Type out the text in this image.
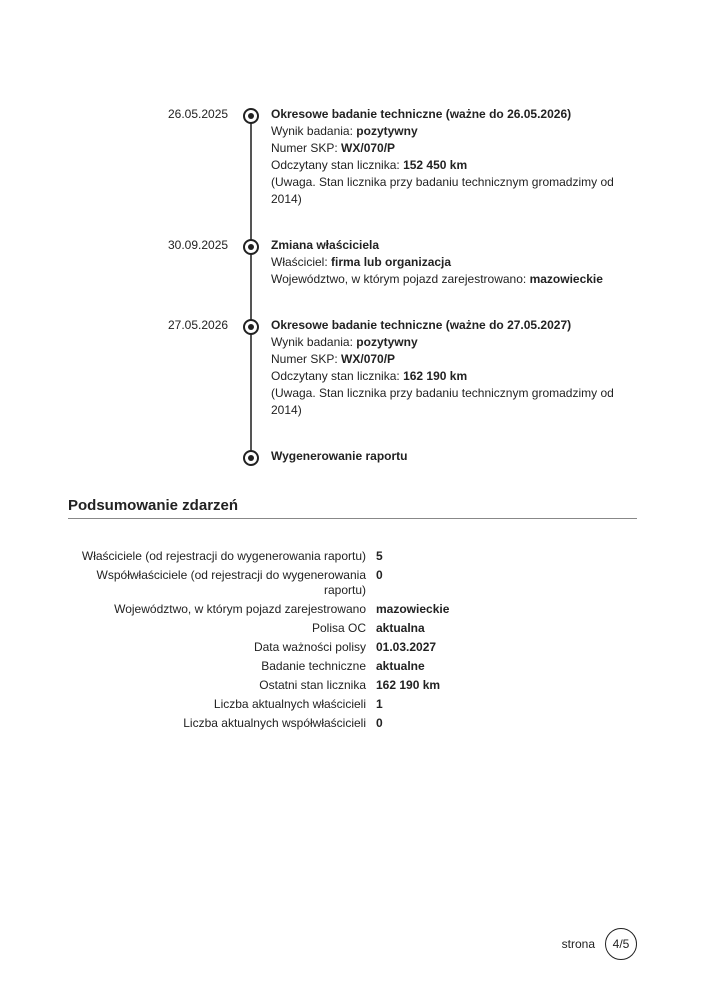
26.05.2025	Okresowe badanie techniczne (ważne do 26.05.2026)
Wynik badania: pozytywny
Numer SKP: WX/070/P
Odczytany stan licznika: 152 450 km
(Uwaga. Stan licznika przy badaniu technicznym gromadzimy od 2014)
30.09.2025	Zmiana właściciela
Właściciel: firma lub organizacja
Województwo, w którym pojazd zarejestrowano: mazowieckie
27.05.2026	Okresowe badanie techniczne (ważne do 27.05.2027)
Wynik badania: pozytywny
Numer SKP: WX/070/P
Odczytany stan licznika: 162 190 km
(Uwaga. Stan licznika przy badaniu technicznym gromadzimy od 2014)
Wygenerowanie raportu
Podsumowanie zdarzeń
Właściciele (od rejestracji do wygenerowania raportu) 5
Współwłaściciele (od rejestracji do wygenerowania raportu)
0
Województwo, w którym pojazd zarejestrowano mazowieckie
Polisa OC aktualna
Data ważności polisy 01.03.2027
Badanie techniczne aktualne
Ostatni stan licznika 162 190 km
Liczba aktualnych właścicieli 1
Liczba aktualnych współwłaścicieli 0
strona	4/5
